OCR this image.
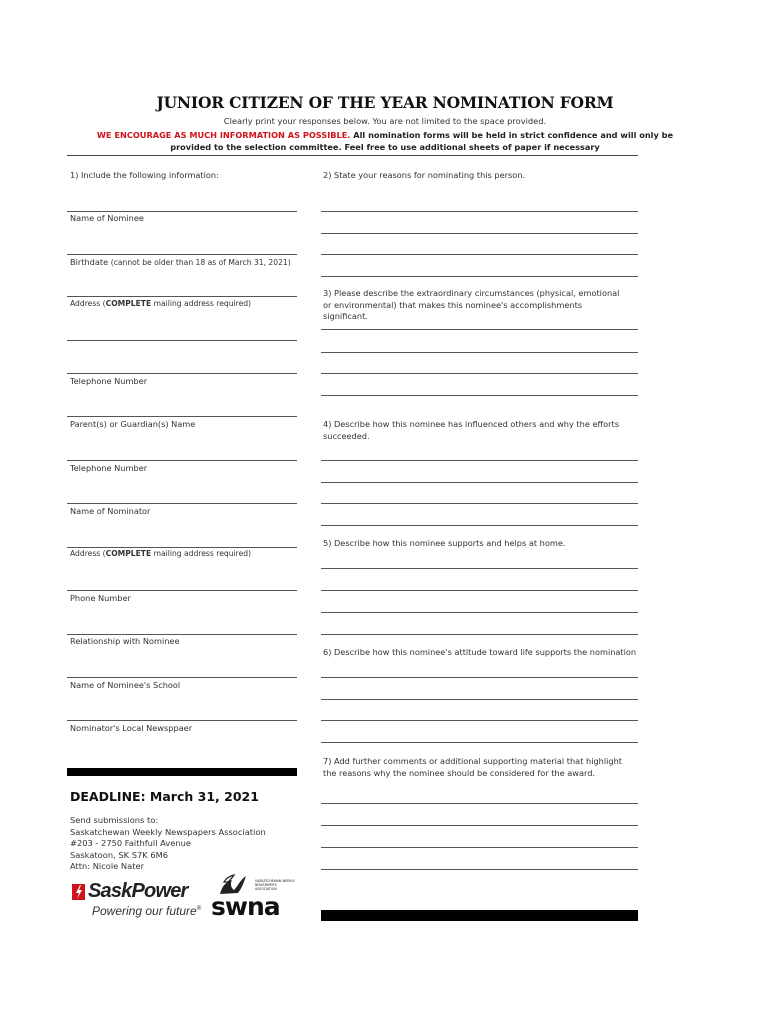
JUNIOR CITIZEN OF THE YEAR NOMINATION FORM
Clearly print your responses below. You are not limited to the space provided.
WE ENCOURAGE AS MUCH INFORMATION AS POSSIBLE. All nomination forms will be held in strict confidence and will only be
provided to the selection committee. Feel free to use additional sheets of paper if necessary
1) Include the following information:
Name of Nominee
Birthdate (cannot be older than 18 as of March 31, 2021)
Address (COMPLETE mailing address required)
Telephone Number
Parent(s) or Guardian(s) Name
Telephone Number
Name of Nominator
Address (COMPLETE mailing address required)
Phone Number
Relationship with Nominee
Name of Nominee's School
Nominator's Local Newsppaer
DEADLINE: March 31, 2021
Send submissions to:
Saskatchewan Weekly Newspapers Association
#203 - 2750 Faithfull Avenue
Saskatoon, SK S7K 6M6
Attn: Nicole Nater
SaskPower
Powering our future®
SASKATCHEWAN WEEKLY NEWSPAPERS ASSOCIATION
swna
2) State your reasons for nominating this person.
3) Please describe the extraordinary circumstances (physical, emotional or environmental) that makes this nominee's accomplishments significant.
4) Describe how this nominee has influenced others and why the efforts succeeded.
5) Describe how this nominee supports and helps at home.
6) Describe how this nominee's attitude toward life supports the nomination
7) Add further comments or additional supporting material that highlight the reasons why the nominee should be considered for the award.
